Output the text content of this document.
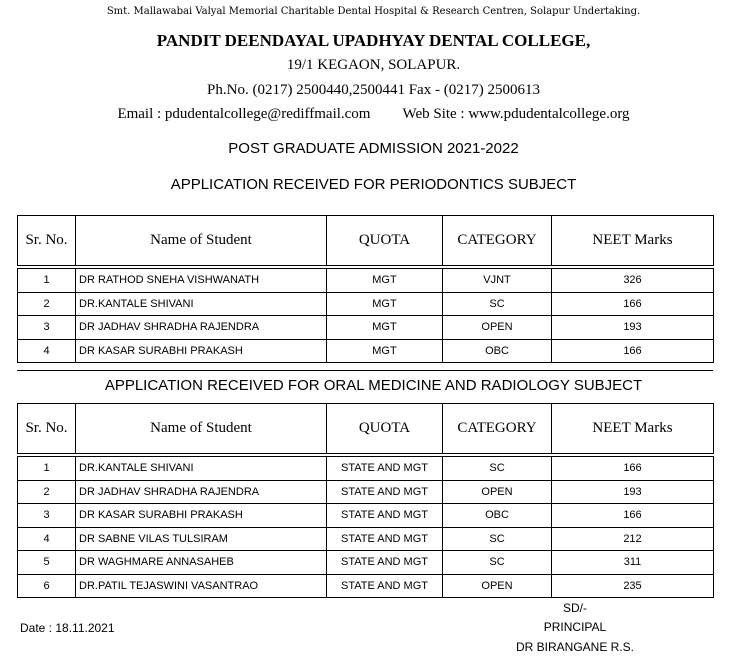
Smt. Mallawabai Valyal Memorial Charitable Dental Hospital & Research Centren, Solapur Undertaking.
PANDIT DEENDAYAL UPADHYAY DENTAL COLLEGE,
19/1 KEGAON, SOLAPUR.
Ph.No. (0217) 2500440,2500441 Fax - (0217) 2500613
Email : pdudentalcollege@rediffmail.com Web Site : www.pdudentalcollege.org
POST GRADUATE ADMISSION 2021-2022
APPLICATION RECEIVED FOR PERIODONTICS SUBJECT
Sr. No.	Name of Student	QUOTA	CATEGORY	NEET Marks

1	DR RATHOD SNEHA VISHWANATH	MGT	VJNT	326
2	DR.KANTALE SHIVANI	MGT	SC	166
3	DR JADHAV SHRADHA RAJENDRA	MGT	OPEN	193
4	DR KASAR SURABHI PRAKASH	MGT	OBC	166
APPLICATION RECEIVED FOR ORAL MEDICINE AND RADIOLOGY SUBJECT
Sr. No.	Name of Student	QUOTA	CATEGORY	NEET Marks

1	DR.KANTALE SHIVANI	STATE AND MGT	SC	166
2	DR JADHAV SHRADHA RAJENDRA	STATE AND MGT	OPEN	193
3	DR KASAR SURABHI PRAKASH	STATE AND MGT	OBC	166
4	DR SABNE VILAS TULSIRAM	STATE AND MGT	SC	212
5	DR WAGHMARE ANNASAHEB	STATE AND MGT	SC	311
6	DR.PATIL TEJASWINI VASANTRAO	STATE AND MGT	OPEN	235
Date : 18.11.2021
SD/-
PRINCIPAL
DR BIRANGANE R.S.
